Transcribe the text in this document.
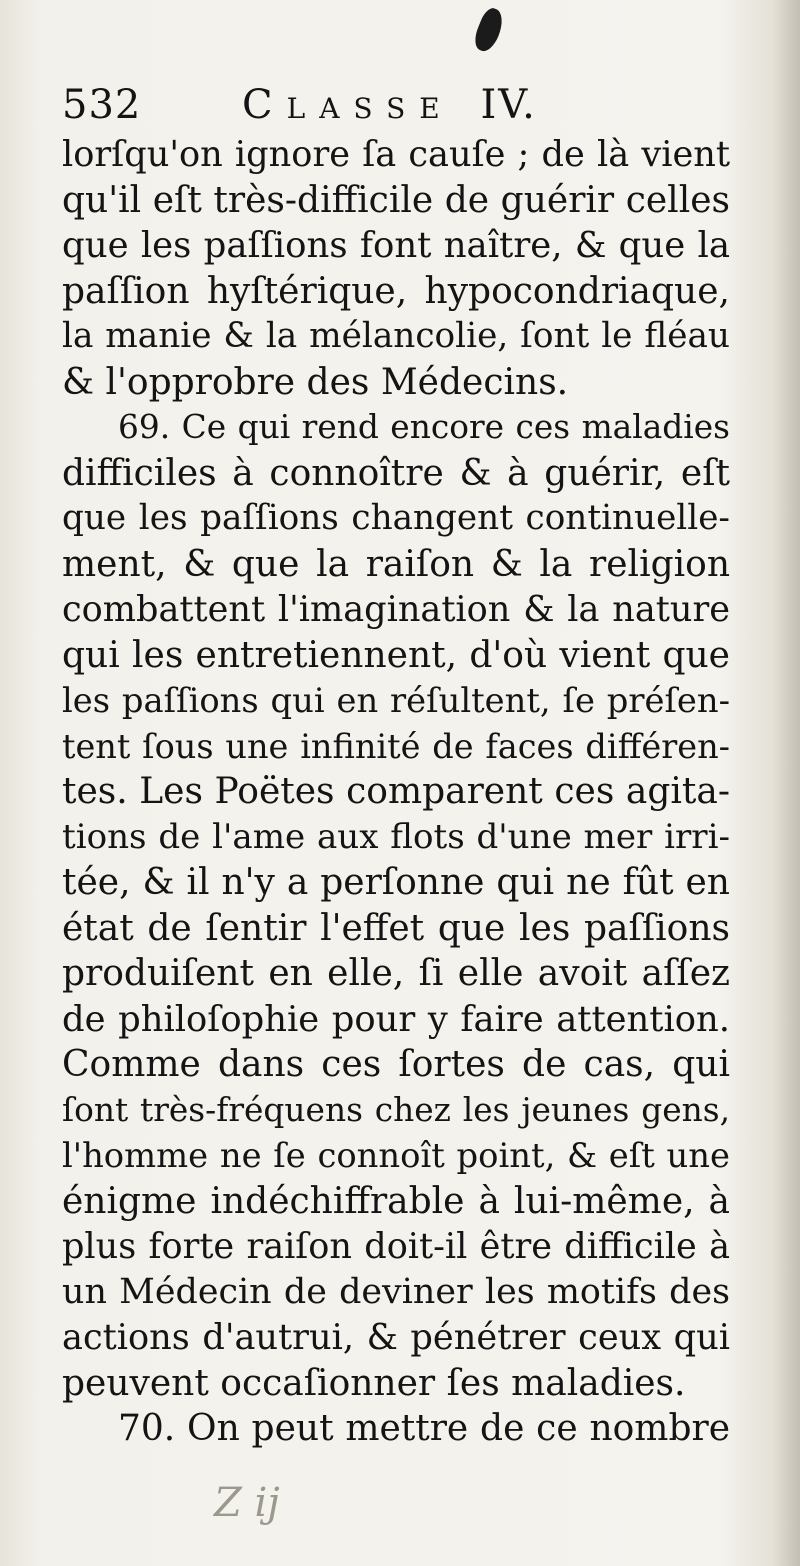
532	Classe IV.
lorſqu'on ignore ſa cauſe ; de là vient
qu'il eſt très-difficile de guérir celles
que les paſſions font naître, & que la
paſſion hyſtérique, hypocondriaque,
la manie & la mélancolie, ſont le fléau
& l'opprobre des Médecins.
69. Ce qui rend encore ces maladies
difficiles à connoître & à guérir, eſt
que les paſſions changent continuelle-
ment, & que la raiſon & la religion
combattent l'imagination & la nature
qui les entretiennent, d'où vient que
les paſſions qui en réſultent, ſe préſen-
tent ſous une infinité de faces différen-
tes. Les Poëtes comparent ces agita-
tions de l'ame aux flots d'une mer irri-
tée, & il n'y a perſonne qui ne fût en
état de ſentir l'effet que les paſſions
produiſent en elle, ſi elle avoit aſſez
de philoſophie pour y faire attention.
Comme dans ces ſortes de cas, qui
ſont très-fréquens chez les jeunes gens,
l'homme ne ſe connoît point, & eſt une
énigme indéchiffrable à lui-même, à
plus forte raiſon doit-il être difficile à
un Médecin de deviner les motifs des
actions d'autrui, & pénétrer ceux qui
peuvent occaſionner ſes maladies.
70. On peut mettre de ce nombre
Z ij
